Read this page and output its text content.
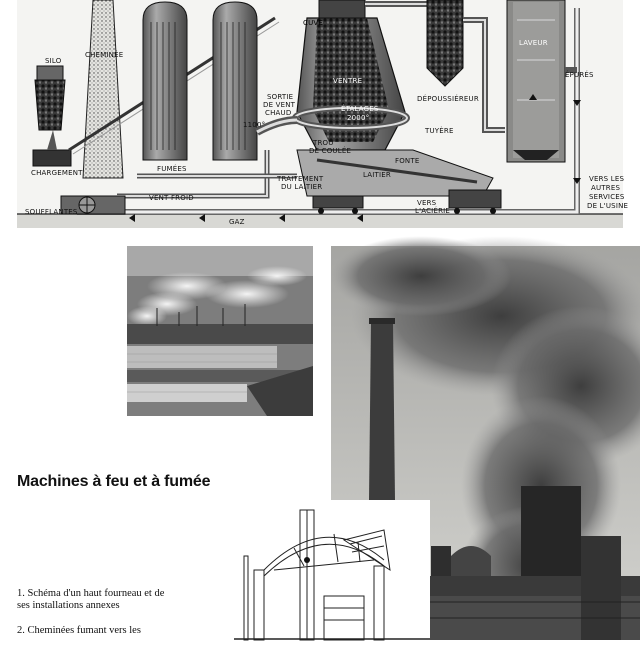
SILO
CHEMINÉE
CHARGEMENT
SOUFFLANTES
FUMÉES
VENT FROID
GAZ
SORTIE
DE VENT
CHAUD
1100°
CUVE
VENTRE
ÉTALAGES
2000°
TROU
DE COULÉE
FONTE
LAITIER
TRAITEMENT
DU LAITIER
TUYÈRE
DÉPOUSSIÉREUR
LAVEUR
ÉPURÉS
VERS
L'ACIÉRIE
VERS LES
AUTRES
SERVICES
DE L'USINE
Machines à feu et à fumée
1. Schéma d'un haut fourneau et de ses installations annexes
2. Cheminées fumant vers les
